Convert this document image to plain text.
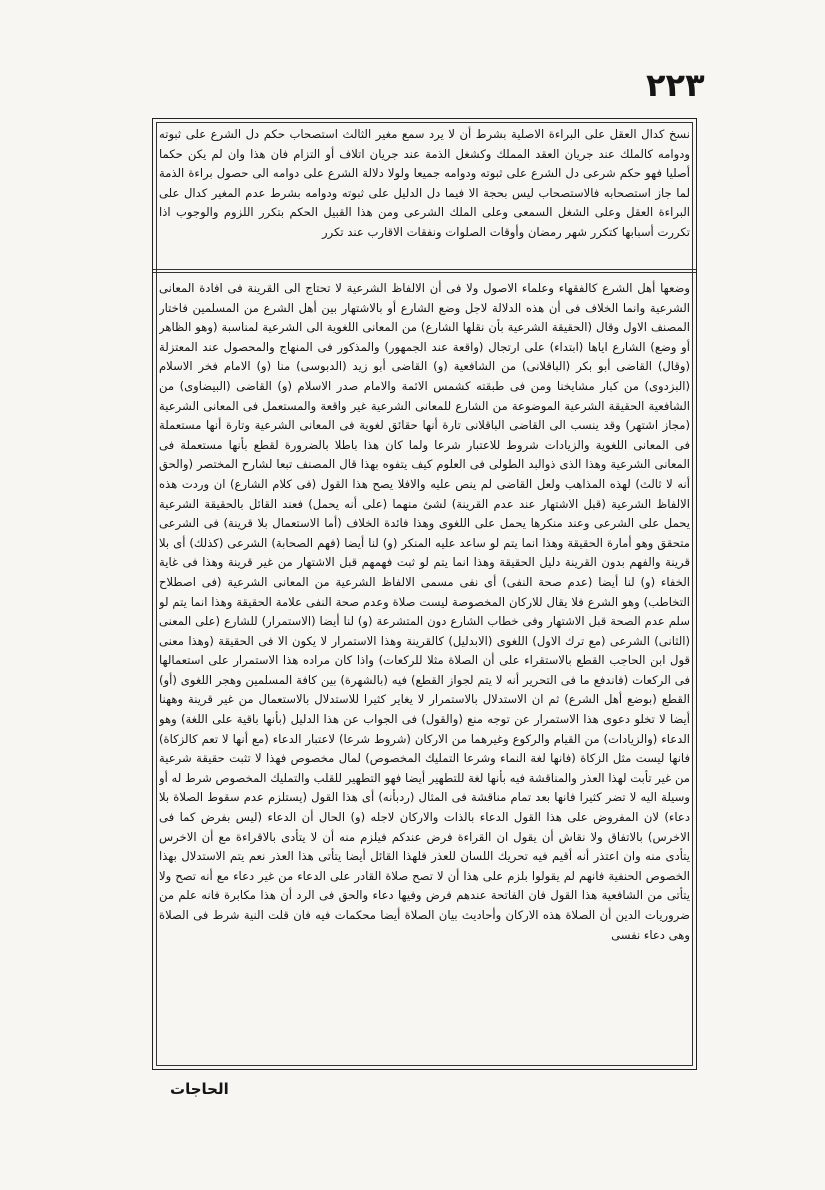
٢٢٣
نسخ كدال العقل على البراءة الاصلية بشرط أن لا يرد سمع مغير الثالث استصحاب حكم دل الشرع على ثبوته ودوامه كالملك عند جريان العقد المملك وكشغل الذمة عند جريان اتلاف أو التزام فان هذا وان لم يكن حكما أصليا فهو حكم شرعى دل الشرع على ثبوته ودوامه جميعا ولولا دلالة الشرع على دوامه الى حصول براءة الذمة لما جاز استصحابه فالاستصحاب ليس بحجة الا فيما دل الدليل على ثبوته ودوامه بشرط عدم المغير كدال على البراءة العقل وعلى الشغل السمعى وعلى الملك الشرعى ومن هذا القبيل الحكم بتكرر اللزوم والوجوب اذا تكررت أسبابها كتكرر شهر رمضان وأوقات الصلوات ونفقات الاقارب عند تكرر
وضعها أهل الشرع كالفقهاء وعلماء الاصول ولا فى أن الالفاظ الشرعية لا تحتاج الى القرينة فى افادة المعانى الشرعية وانما الخلاف فى أن هذه الدلالة لاجل وضع الشارع أو بالاشتهار بين أهل الشرع من المسلمين فاختار المصنف الاول وقال (الحقيقة الشرعية بأن نقلها الشارع) من المعانى اللغوية الى الشرعية لمناسبة (وهو الظاهر أو وضع) الشارع اياها (ابتداء) على ارتجال (واقعة عند الجمهور) والمذكور فى المنهاج والمحصول عند المعتزلة (وقال) القاضى أبو بكر (الباقلانى) من الشافعية (و) القاضى أبو زيد (الدبوسى) منا (و) الامام فخر الاسلام (البزدوى) من كبار مشايخنا ومن فى طبقته كشمس الائمة والامام صدر الاسلام (و) القاضى (البيضاوى) من الشافعية الحقيقة الشرعية الموضوعة من الشارع للمعانى الشرعية غير واقعة والمستعمل فى المعانى الشرعية (مجاز اشتهر) وقد ينسب الى القاضى الباقلانى تارة أنها حقائق لغوية فى المعانى الشرعية وتارة أنها مستعملة فى المعانى اللغوية والزيادات شروط للاعتبار شرعا ولما كان هذا باطلا بالضرورة لقطع بأنها مستعملة فى المعانى الشرعية وهذا الذى ذوالبد الطولى فى العلوم كيف يتفوه بهذا قال المصنف تبعا لشارح المختصر (والحق أنه لا ثالث) لهذه المذاهب ولعل القاضى لم ينص عليه والافلا يصح هذا القول (فى كلام الشارع) ان وردت هذه الالفاظ الشرعية (قبل الاشتهار عند عدم القرينة) لشئ منهما (على أنه يحمل) فعند القائل بالحقيقة الشرعية يحمل على الشرعى وعند منكرها يحمل على اللغوى وهذا فائدة الخلاف (أما الاستعمال بلا قرينة) فى الشرعى متحقق وهو أمارة الحقيقة وهذا انما يتم لو ساعد عليه المنكر (و) لنا أيضا (فهم الصحابة) الشرعى (كذلك) أى بلا قرينة والفهم بدون القرينة دليل الحقيقة وهذا انما يتم لو ثبت فهمهم قبل الاشتهار من غير قرينة وهذا فى غاية الخفاء (و) لنا أيضا (عدم صحة النفى) أى نفى مسمى الالفاظ الشرعية من المعانى الشرعية (فى اصطلاح التخاطب) وهو الشرع فلا يقال للاركان المخصوصة ليست صلاة وعدم صحة النفى علامة الحقيقة وهذا انما يتم لو سلم عدم الصحة قبل الاشتهار وفى خطاب الشارع دون المتشرعة (و) لنا أيضا (الاستمرار) للشارع (على المعنى (الثانى) الشرعى (مع ترك الاول) اللغوى (الابدليل) كالقرينة وهذا الاستمرار لا يكون الا فى الحقيقة (وهذا معنى قول ابن الحاجب القطع بالاستقراء على أن الصلاة مثلا للركعات) واذا كان مراده هذا الاستمرار على استعمالها فى الركعات (فاندفع ما فى التحرير أنه لا يتم لجواز القطع) فيه (بالشهرة) بين كافة المسلمين وهجر اللغوى (أو) القطع (بوضع أهل الشرع) ثم ان الاستدلال بالاستمرار لا يغاير كثيرا للاستدلال بالاستعمال من غير قرينة وههنا أيضا لا تخلو دعوى هذا الاستمرار عن توجه منع (والقول) فى الجواب عن هذا الدليل (بأنها باقية على اللغة) وهو الدعاء (والزيادات) من القيام والركوع وغيرهما من الاركان (شروط شرعا) لاعتبار الدعاء (مع أنها لا تعم كالزكاة) فانها ليست مثل الزكاة (فانها لغة النماء وشرعا التمليك المخصوص) لمال مخصوص فهذا لا تثبت حقيقة شرعية من غير تأبت لهذا العذر والمناقشة فيه بأنها لغة للتطهير أيضا فهو التطهير للقلب والتمليك المخصوص شرط له أو وسيلة اليه لا تضر كثيرا فانها بعد تمام مناقشة فى المثال (ردبأنه) أى هذا القول (يستلزم عدم سقوط الصلاة بلا دعاء) لان المفروض على هذا القول الدعاء بالذات والاركان لاجله (و) الحال أن الدعاء (ليس بفرض كما فى الاخرس) بالاتفاق ولا نقاش أن يقول ان القراءة فرض عندكم فيلزم منه أن لا يتأدى بالاقراءة مع أن الاخرس يتأدى منه وان اعتذر أنه أقيم فيه تحريك اللسان للعذر فلهذا القائل أيضا يتأتى هذا العذر نعم يتم الاستدلال بهذا الخصوص الحنفية فانهم لم يقولوا بلزم على هذا أن لا تصح صلاة القادر على الدعاء من غير دعاء مع أنه تصح ولا يتأتى من الشافعية هذا القول فان الفاتحة عندهم فرض وفيها دعاء والحق فى الرد أن هذا مكابرة فانه علم من ضروريات الدين أن الصلاة هذه الاركان وأحاديث بيان الصلاة أيضا محكمات فيه فان قلت النية شرط فى الصلاة وهى دعاء نفسى
الحاجات
